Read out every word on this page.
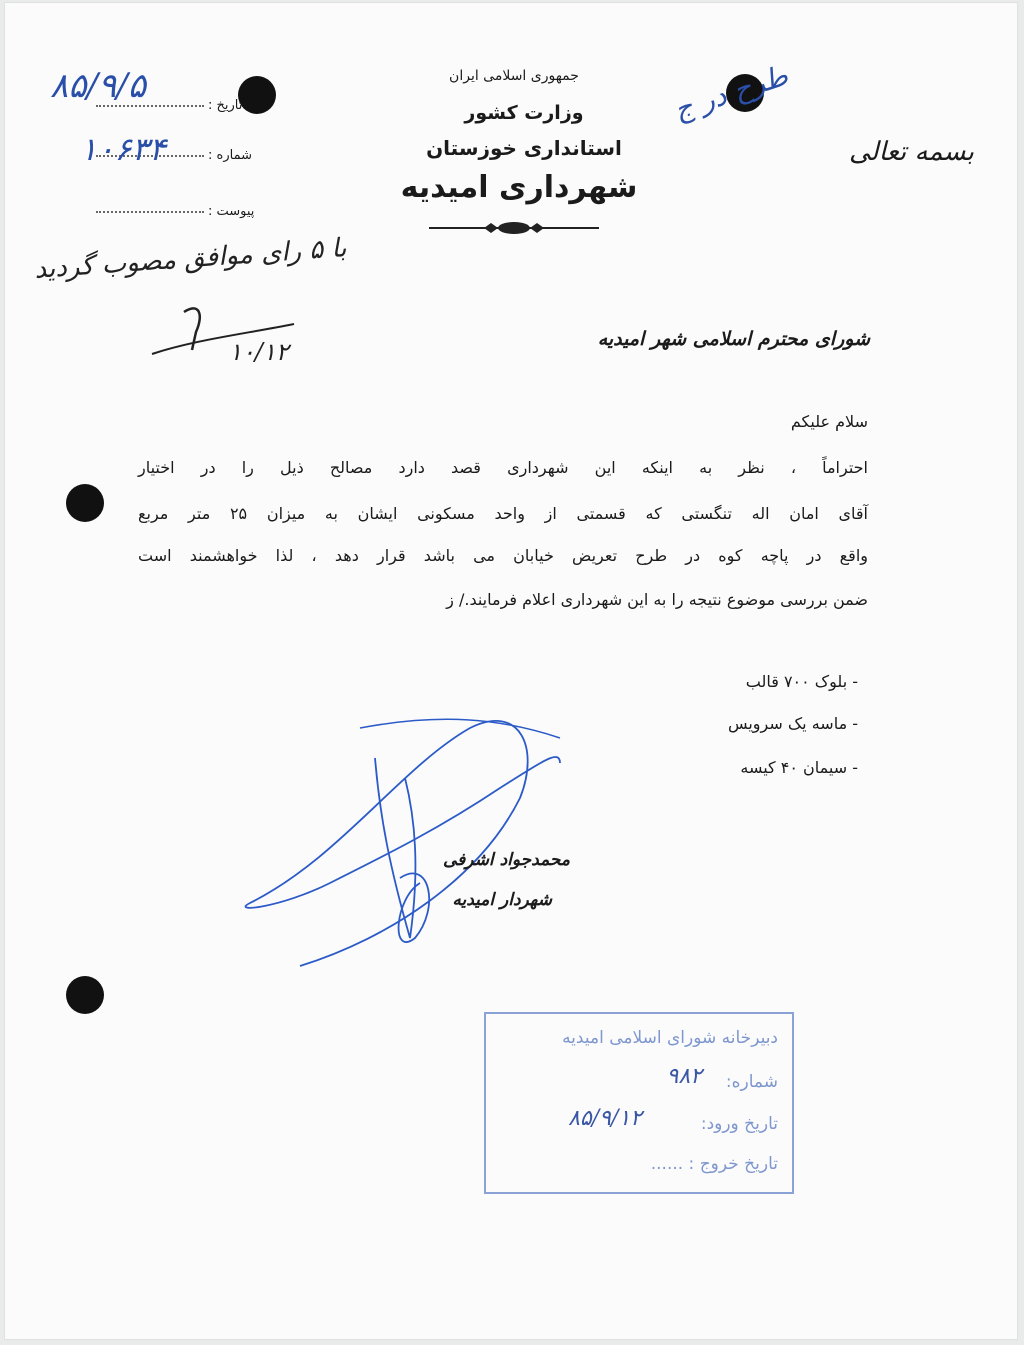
جمهوری اسلامی ایران
وزارت کشور
استانداری خوزستان
شهرداری امیدیه
بسمه تعالی
تاریخ :
شماره :
پیوست :
۸۵/۹/۵
۱۰۶۳۴
طرح در ج
با ۵ رای موافق مصوب گردید
۱۰/۱۲	شورای محترم اسلامی شهر امیدیه
سلام علیکم
احتراماً ، نظر به اینکه این شهرداری قصد دارد مصالح ذیل را در اختیار
آقای امان اله تنگستی که قسمتی از واحد مسکونی ایشان به میزان ۲۵ متر مربع
واقع در پاچه کوه در طرح تعریض خیابان می باشد قرار دهد ، لذا خواهشمند است
ضمن بررسی موضوع نتیجه را به این شهرداری اعلام فرمایند./ ز
- بلوک ۷۰۰ قالب
- ماسه یک سرویس
- سیمان ۴۰ کیسه
محمدجواد اشرفی
شهردار امیدیه
دبیرخانه شورای اسلامی امیدیه
شماره:
۹۸۲
تاریخ ورود:
۸۵/۹/۱۲
تاریخ خروج : ......
